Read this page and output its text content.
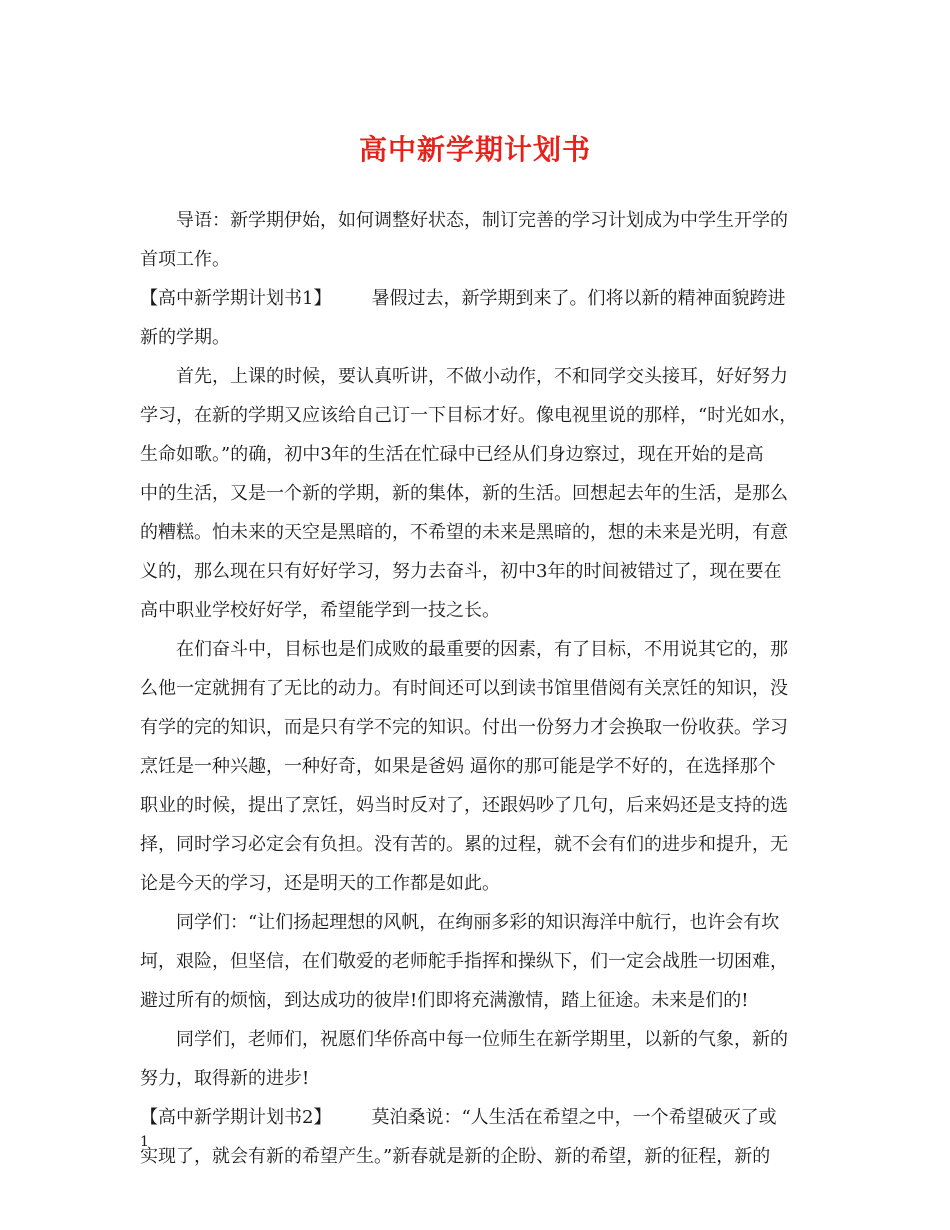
高中新学期计划书
　　导语：新学期伊始，如何调整好状态，制订完善的学习计划成为中学生开学的
首项工作。
【高中新学期计划书1】 暑假过去，新学期到来了。们将以新的精神面貌跨进
新的学期。
　　首先，上课的时候，要认真听讲，不做小动作，不和同学交头接耳，好好努力
学习，在新的学期又应该给自己订一下目标才好。像电视里说的那样，“时光如水，
生命如歌。”的确，初中3年的生活在忙碌中已经从们身边察过，现在开始的是高
中的生活，又是一个新的学期，新的集体，新的生活。回想起去年的生活，是那么
的糟糕。怕未来的天空是黑暗的，不希望的未来是黑暗的，想的未来是光明，有意
义的，那么现在只有好好学习，努力去奋斗，初中3年的时间被错过了，现在要在
高中职业学校好好学，希望能学到一技之长。
　　在们奋斗中，目标也是们成败的最重要的因素，有了目标，不用说其它的，那
么他一定就拥有了无比的动力。有时间还可以到读书馆里借阅有关烹饪的知识，没
有学的完的知识，而是只有学不完的知识。付出一份努力才会换取一份收获。学习
烹饪是一种兴趣，一种好奇，如果是爸妈 逼你的那可能是学不好的，在选择那个
职业的时候，提出了烹饪，妈当时反对了，还跟妈吵了几句，后来妈还是支持的选
择，同时学习必定会有负担。没有苦的。累的过程，就不会有们的进步和提升，无
论是今天的学习，还是明天的工作都是如此。
　　同学们：“让们扬起理想的风帆，在绚丽多彩的知识海洋中航行，也许会有坎
坷，艰险，但坚信，在们敬爱的老师舵手指挥和操纵下，们一定会战胜一切困难，
避过所有的烦恼，到达成功的彼岸!们即将充满激情，踏上征途。未来是们的!
　　同学们，老师们，祝愿们华侨高中每一位师生在新学期里，以新的气象，新的
努力，取得新的进步!
【高中新学期计划书2】 莫泊桑说：“人生活在希望之中，一个希望破灭了或
实现了，就会有新的希望产生。”新春就是新的企盼、新的希望，新的征程，新的
1
